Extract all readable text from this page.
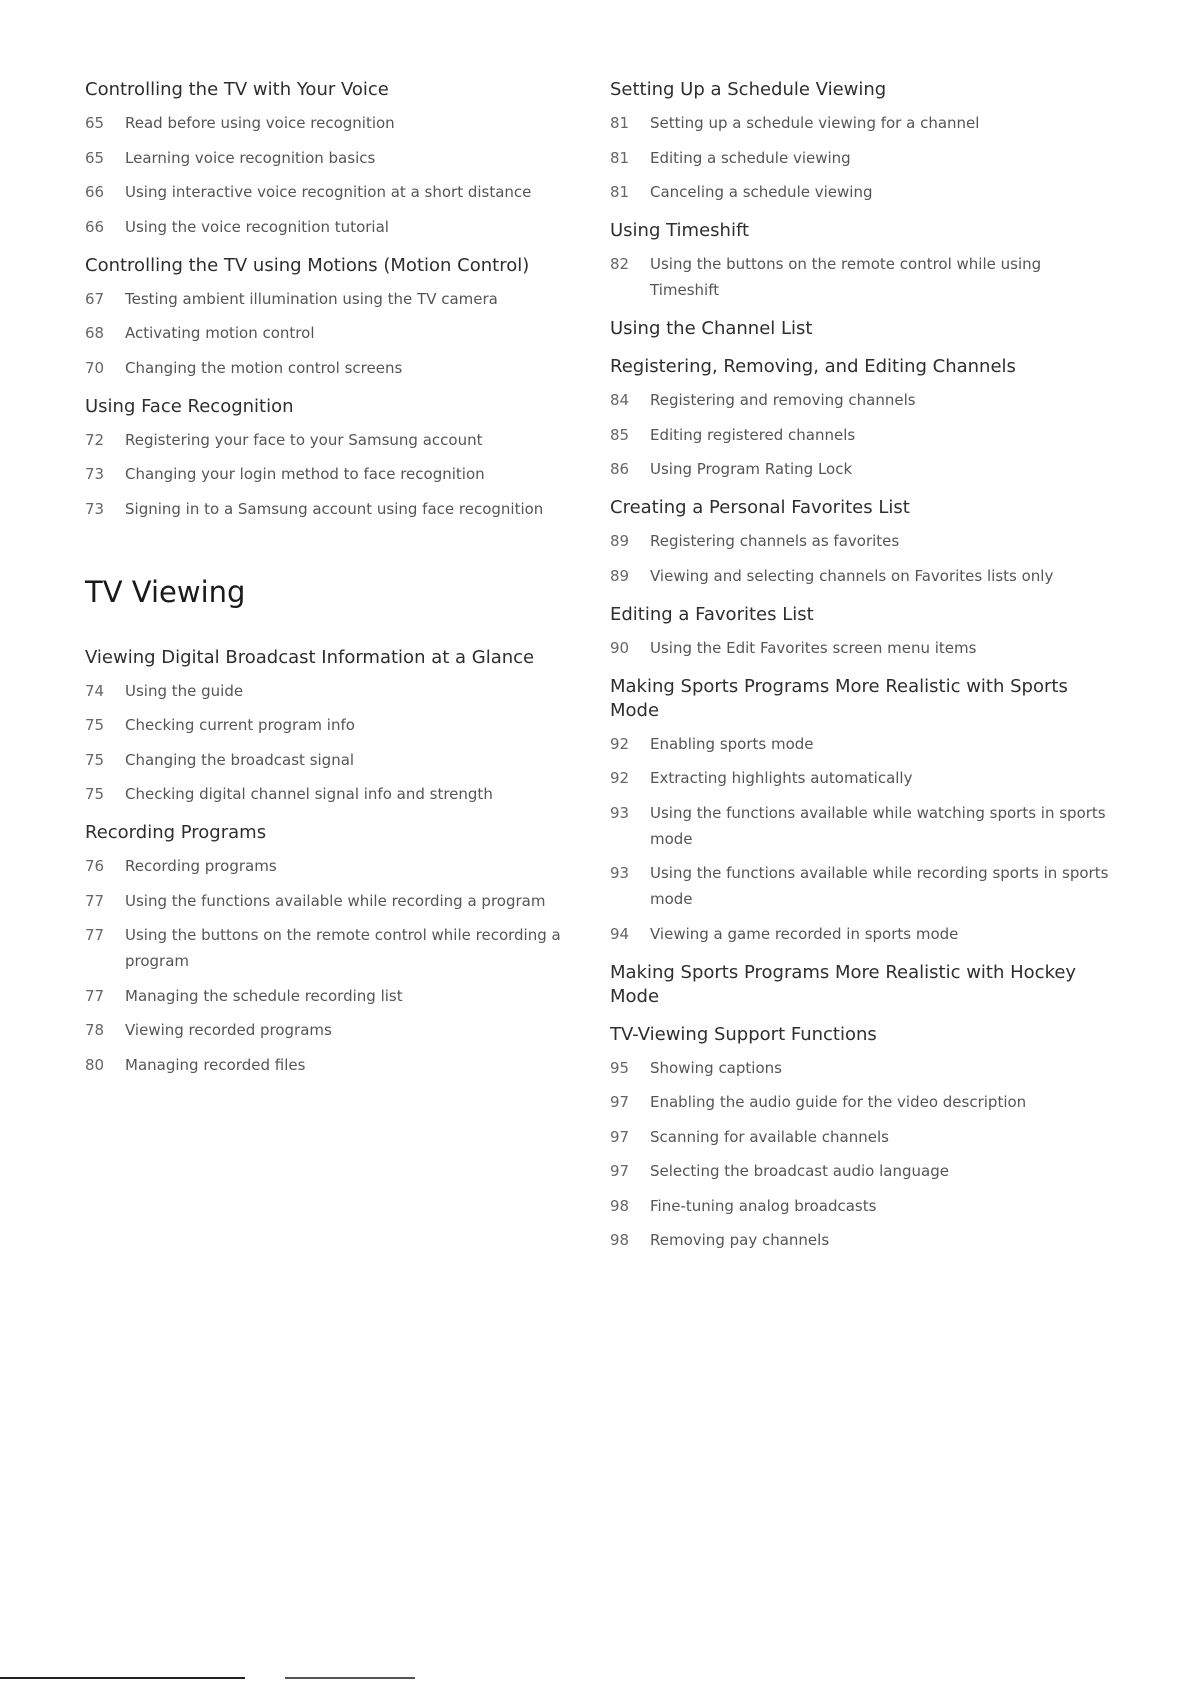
Controlling the TV with Your Voice
65	Read before using voice recognition
65	Learning voice recognition basics
66	Using interactive voice recognition at a short distance
66	Using the voice recognition tutorial
Controlling the TV using Motions (Motion Control)
67	Testing ambient illumination using the TV camera
68	Activating motion control
70	Changing the motion control screens
Using Face Recognition
72	Registering your face to your Samsung account
73	Changing your login method to face recognition
73	Signing in to a Samsung account using face recognition
TV Viewing
Viewing Digital Broadcast Information at a Glance
74	Using the guide
75	Checking current program info
75	Changing the broadcast signal
75	Checking digital channel signal info and strength
Recording Programs
76	Recording programs
77	Using the functions available while recording a program
77	Using the buttons on the remote control while recording a program
77	Managing the schedule recording list
78	Viewing recorded programs
80	Managing recorded files
Setting Up a Schedule Viewing
81	Setting up a schedule viewing for a channel
81	Editing a schedule viewing
81	Canceling a schedule viewing
Using Timeshift
82	Using the buttons on the remote control while using Timeshift
Using the Channel List
Registering, Removing, and Editing Channels
84	Registering and removing channels
85	Editing registered channels
86	Using Program Rating Lock
Creating a Personal Favorites List
89	Registering channels as favorites
89	Viewing and selecting channels on Favorites lists only
Editing a Favorites List
90	Using the Edit Favorites screen menu items
Making Sports Programs More Realistic with Sports Mode
92	Enabling sports mode
92	Extracting highlights automatically
93	Using the functions available while watching sports in sports mode
93	Using the functions available while recording sports in sports mode
94	Viewing a game recorded in sports mode
Making Sports Programs More Realistic with Hockey Mode
TV-Viewing Support Functions
95	Showing captions
97	Enabling the audio guide for the video description
97	Scanning for available channels
97	Selecting the broadcast audio language
98	Fine-tuning analog broadcasts
98	Removing pay channels
